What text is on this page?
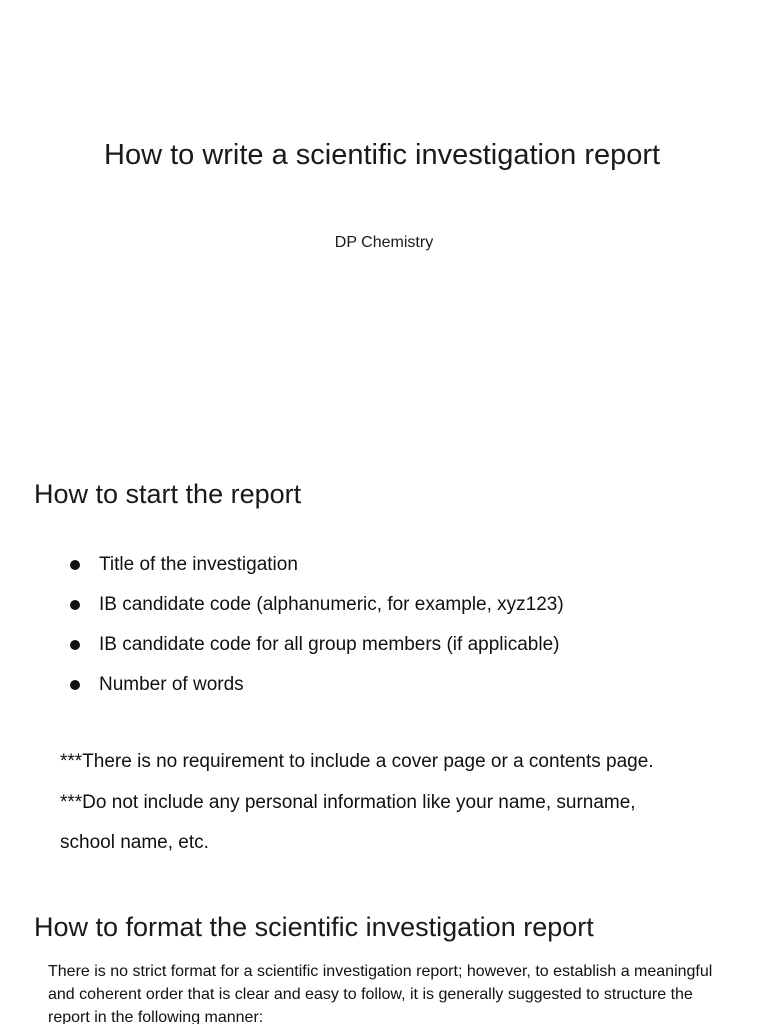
How to write a scientific investigation report
DP Chemistry
How to start the report
Title of the investigation
IB candidate code (alphanumeric, for example, xyz123)
IB candidate code for all group members (if applicable)
Number of words
***There is no requirement to include a cover page or a contents page.
***Do not include any personal information like your name, surname,
school name, etc.
How to format the scientific investigation report

There is no strict format for a scientific investigation report; however, to establish a meaningful and coherent order that is clear and easy to follow, it is generally suggested to structure the report in the following manner:
